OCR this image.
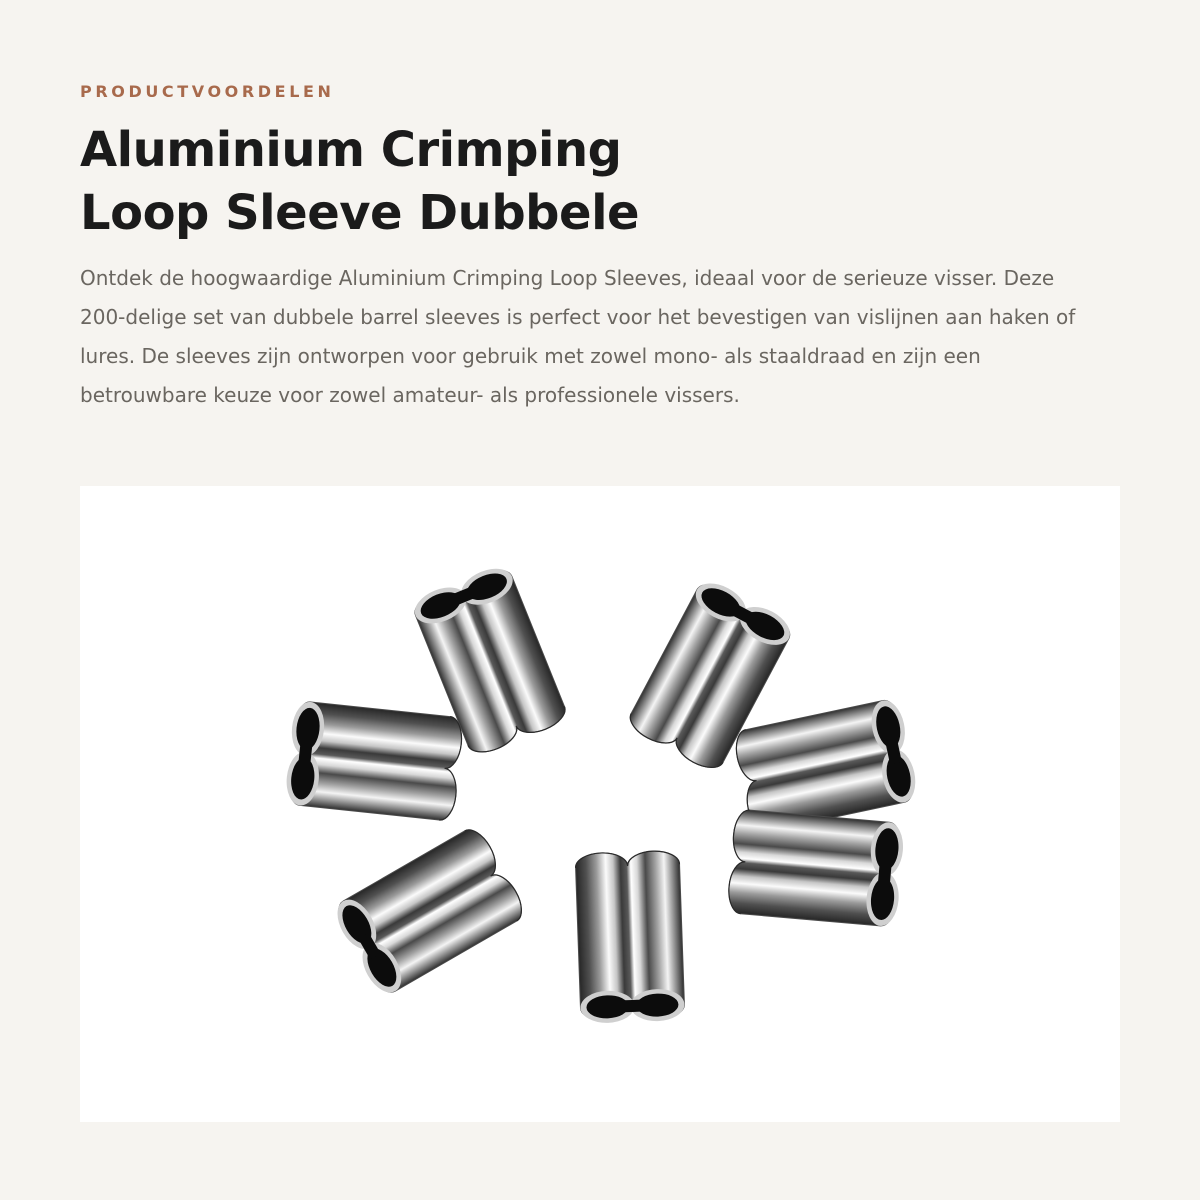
PRODUCTVOORDELEN

Aluminium Crimping
Loop Sleeve Dubbele

Ontdek de hoogwaardige Aluminium Crimping Loop Sleeves, ideaal voor de serieuze visser. Deze 200-delige set van dubbele barrel sleeves is perfect voor het bevestigen van vislijnen aan haken of lures. De sleeves zijn ontworpen voor gebruik met zowel mono- als staaldraad en zijn een betrouwbare keuze voor zowel amateur- als professionele vissers.
